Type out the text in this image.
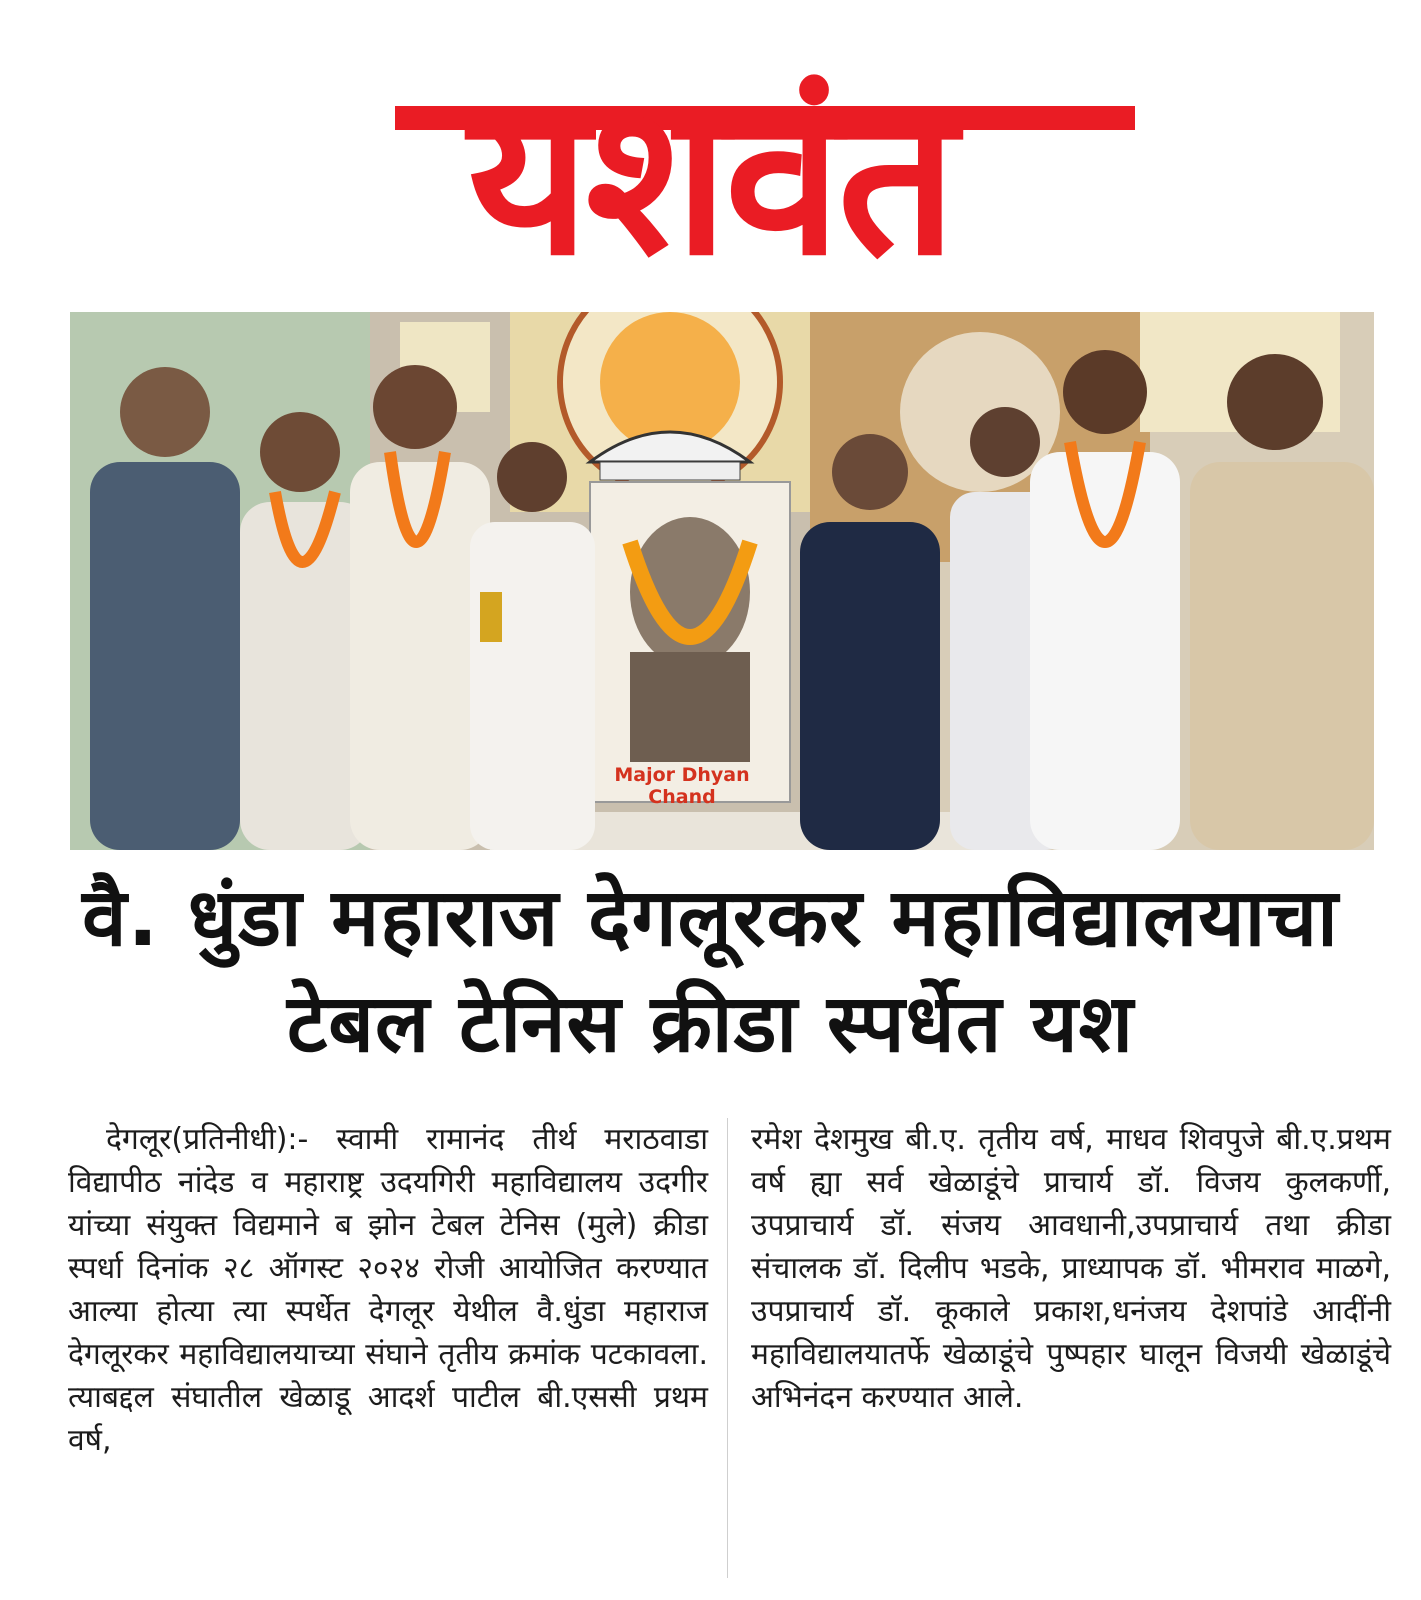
यशवंत
Major Dhyan Chand
वै. धुंडा महाराज देगलूरकर महाविद्यालयाचा
टेबल टेनिस क्रीडा स्पर्धेत यश
देगलूर(प्रतिनीधी):- स्वामी रामानंद तीर्थ मराठवाडा विद्यापीठ नांदेड व महाराष्ट्र उदयगिरी महाविद्यालय उदगीर यांच्या संयुक्त विद्यमाने ब झोन टेबल टेनिस (मुले) क्रीडा स्पर्धा दिनांक २८ ऑगस्ट २०२४ रोजी आयोजित करण्यात आल्या होत्या त्या स्पर्धेत देगलूर येथील वै.धुंडा महाराज देगलूरकर महाविद्यालयाच्या संघाने तृतीय क्रमांक पटकावला. त्याबद्दल संघातील खेळाडू आदर्श पाटील बी.एससी प्रथम वर्ष,
रमेश देशमुख बी.ए. तृतीय वर्ष, माधव शिवपुजे बी.ए.प्रथम वर्ष ह्या सर्व खेळाडूंचे प्राचार्य डॉ. विजय कुलकर्णी, उपप्राचार्य डॉ. संजय आवधानी,उपप्राचार्य तथा क्रीडा संचालक डॉ. दिलीप भडके, प्राध्यापक डॉ. भीमराव माळगे, उपप्राचार्य डॉ. कूकाले प्रकाश,धनंजय देशपांडे आदींनी महाविद्यालयातर्फे खेळाडूंचे पुष्पहार घालून विजयी खेळाडूंचे अभिनंदन करण्यात आले.
